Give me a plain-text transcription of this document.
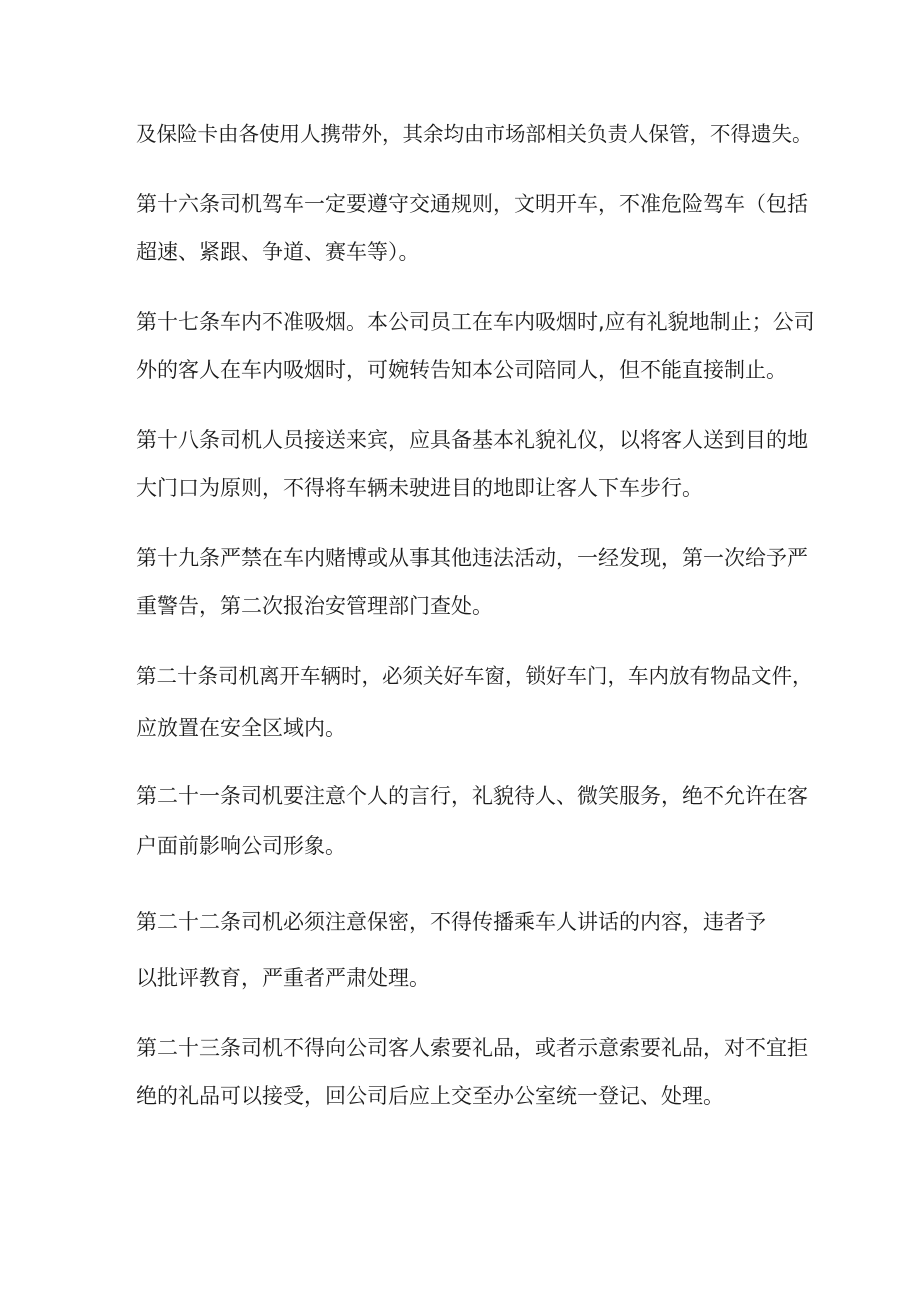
及保险卡由各使用人携带外，其余均由市场部相关负责人保管，不得遗失。
第十六条司机驾车一定要遵守交通规则，文明开车，不准危险驾车（包括
超速、紧跟、争道、赛车等）。
第十七条车内不准吸烟。本公司员工在车内吸烟时,应有礼貌地制止；公司
外的客人在车内吸烟时，可婉转告知本公司陪同人，但不能直接制止。
第十八条司机人员接送来宾，应具备基本礼貌礼仪，以将客人送到目的地
大门口为原则，不得将车辆未驶进目的地即让客人下车步行。
第十九条严禁在车内赌博或从事其他违法活动，一经发现，第一次给予严
重警告，第二次报治安管理部门查处。
第二十条司机离开车辆时，必须关好车窗，锁好车门，车内放有物品文件，
应放置在安全区域内。
第二十一条司机要注意个人的言行，礼貌待人、微笑服务，绝不允许在客
户面前影响公司形象。
第二十二条司机必须注意保密，不得传播乘车人讲话的内容，违者予
以批评教育，严重者严肃处理。
第二十三条司机不得向公司客人索要礼品，或者示意索要礼品，对不宜拒
绝的礼品可以接受，回公司后应上交至办公室统一登记、处理。
